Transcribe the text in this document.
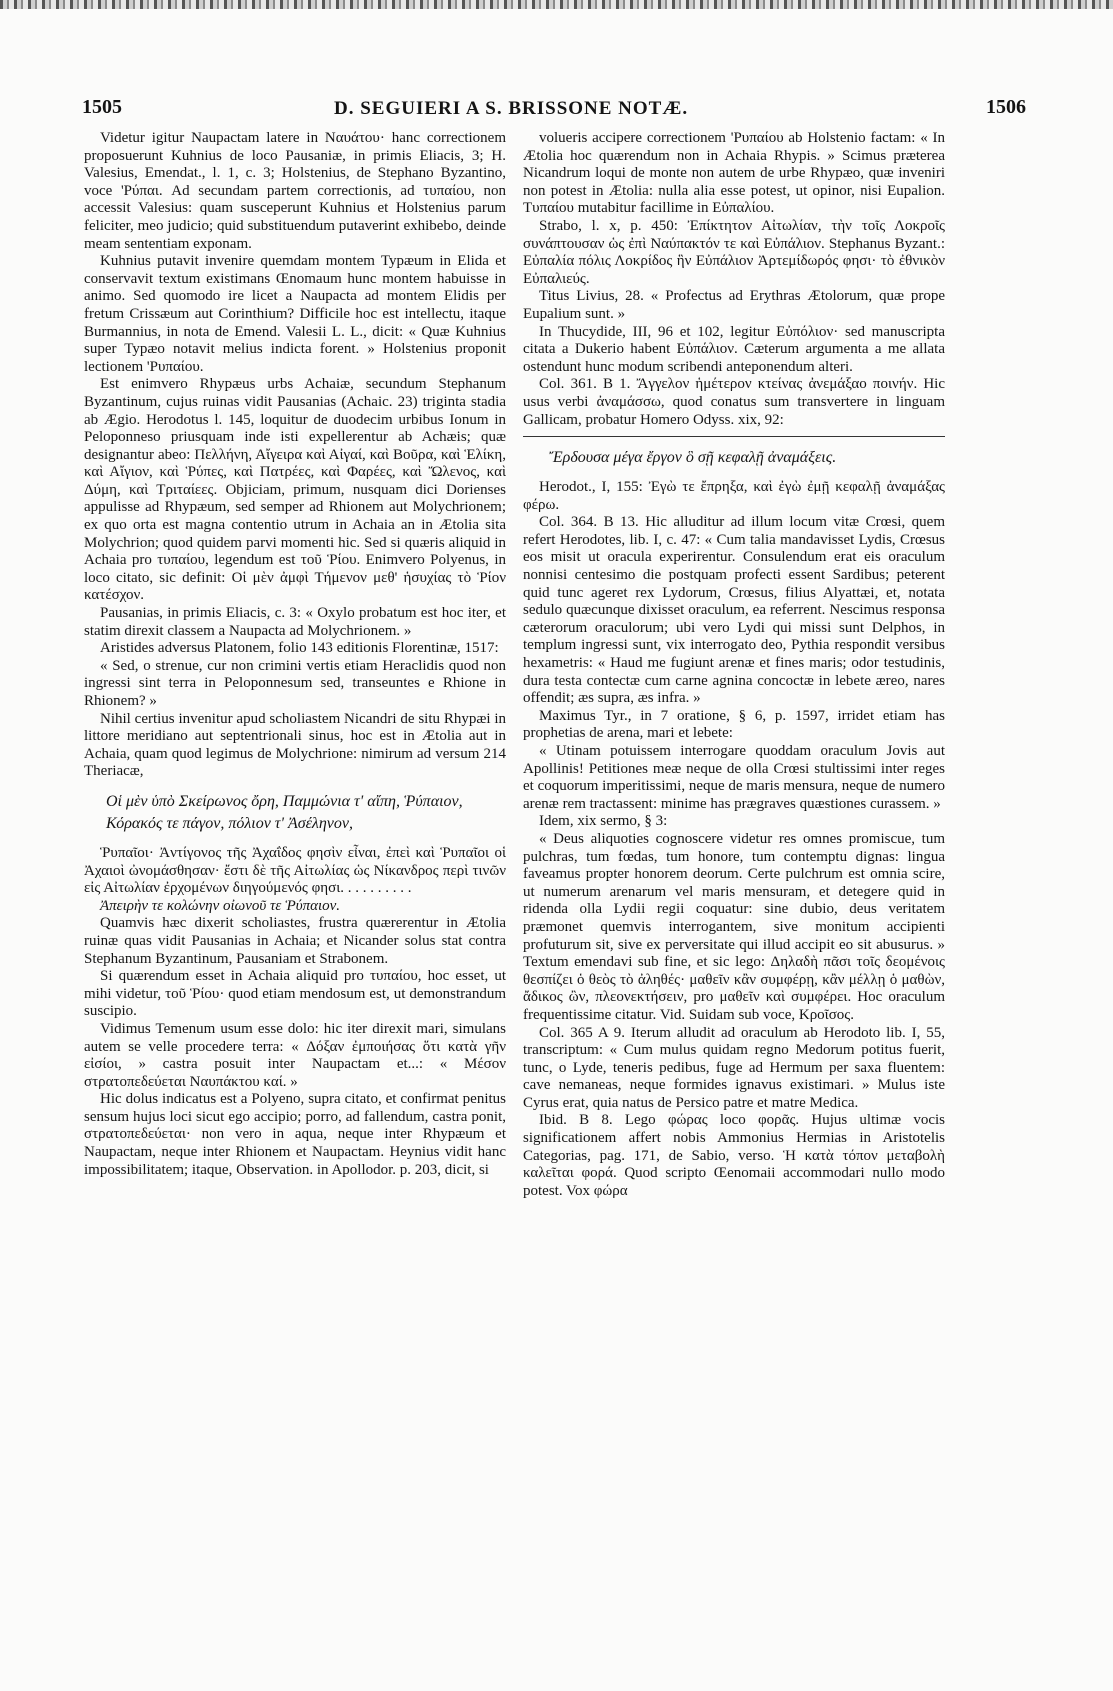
1505	D. SEGUIERI A S. BRISSONE NOTÆ.	1506

Videtur igitur Naupactam latere in Ναυάτου· hanc correctionem proposuerunt Kuhnius de loco Pausaniæ, in primis Eliacis, 3; H. Valesius, Emendat., l. 1, c. 3; Holstenius, de Stephano Byzantino, voce 'Ρύπαι. Ad secundam partem correctionis, ad τυπαίου, non accessit Valesius: quam susceperunt Kuhnius et Holstenius parum feliciter, meo judicio; quid substituendum putaverint exhibebo, deinde meam sententiam exponam.

Kuhnius putavit invenire quemdam montem Typæum in Elida et conservavit textum existimans Œnomaum hunc montem habuisse in animo. Sed quomodo ire licet a Naupacta ad montem Elidis per fretum Crissæum aut Corinthium? Difficile hoc est intellectu, itaque Burmannius, in nota de Emend. Valesii L. L., dicit: « Quæ Kuhnius super Typæo notavit melius indicta forent. » Holstenius proponit lectionem 'Ρυπαίου.

Est enimvero Rhypæus urbs Achaiæ, secundum Stephanum Byzantinum, cujus ruinas vidit Pausanias (Achaic. 23) triginta stadia ab Ægio. Herodotus l. 145, loquitur de duodecim urbibus Ionum in Peloponneso priusquam inde isti expellerentur ab Achæis; quæ designantur abeo: Πελλήνη, Αἴγειρα καὶ Αἰγαί, καὶ Βοῦρα, καὶ Ἑλίκη, καὶ Αἴγιον, καὶ Ῥύπες, καὶ Πατρέες, καὶ Φαρέες, καὶ Ὤλενος, καὶ Δύμη, καὶ Τριταίεες. Objiciam, primum, nusquam dici Dorienses appulisse ad Rhypæum, sed semper ad Rhionem aut Molychrionem; ex quo orta est magna contentio utrum in Achaia an in Ætolia sita Molychrion; quod quidem parvi momenti hic. Sed si quæris aliquid in Achaia pro τυπαίου, legendum est τοῦ Ῥίου. Enimvero Polyenus, in loco citato, sic definit: Οἱ μὲν ἀμφὶ Τήμενον μεθ' ἡσυχίας τὸ Ῥίον κατέσχον.

Pausanias, in primis Eliacis, c. 3: « Oxylo probatum est hoc iter, et statim direxit classem a Naupacta ad Molychrionem. »

Aristides adversus Platonem, folio 143 editionis Florentinæ, 1517:

« Sed, o strenue, cur non crimini vertis etiam Heraclidis quod non ingressi sint terra in Peloponnesum sed, transeuntes e Rhione in Rhionem? »

Nihil certius invenitur apud scholiastem Nicandri de situ Rhypæi in littore meridiano aut septentrionali sinus, hoc est in Ætolia aut in Achaia, quam quod legimus de Molychrione: nimirum ad versum 214 Theriacæ,

Οἱ μὲν ὑπὸ Σκείρωνος ὄρη, Παμμώνια τ' αἴπη, Ῥύπαιον, Κόρακός τε πάγον, πόλιον τ' Ἀσέληνον,

Ῥυπαῖοι· Ἀντίγονος τῆς Ἀχαΐδος φησὶν εἶναι, ἐπεὶ καὶ Ῥυπαῖοι οἱ Ἀχαιοὶ ὠνομάσθησαν· ἔστι δὲ τῆς Αἰτωλίας ὡς Νίκανδρος περὶ τινῶν εἰς Αἰτωλίαν ἐρχομένων διηγούμενός φησι. . . . . . . . . .

Ἀπειρὴν τε κολώνην οἰωνοῦ τε Ῥύπαιον.

Quamvis hæc dixerit scholiastes, frustra quærerentur in Ætolia ruinæ quas vidit Pausanias in Achaia; et Nicander solus stat contra Stephanum Byzantinum, Pausaniam et Strabonem.

Si quærendum esset in Achaia aliquid pro τυπαίου, hoc esset, ut mihi videtur, τοῦ Ῥίου· quod etiam mendosum est, ut demonstrandum suscipio.

Vidimus Temenum usum esse dolo: hic iter direxit mari, simulans autem se velle procedere terra: « Δόξαν ἐμποιήσας ὅτι κατὰ γῆν εἰσίοι, » castra posuit inter Naupactam et...: « Μέσον στρατοπεδεύεται Ναυπάκτου καί. »

Hic dolus indicatus est a Polyeno, supra citato, et confirmat penitus sensum hujus loci sicut ego accipio; porro, ad fallendum, castra ponit, στρατοπεδεύεται· non vero in aqua, neque inter Rhypæum et Naupactam, neque inter Rhionem et Naupactam. Heynius vidit hanc impossibilitatem; itaque, Observation. in Apollodor. p. 203, dicit, si

volueris accipere correctionem 'Ρυπαίου ab Holstenio factam: « In Ætolia hoc quærendum non in Achaia Rhypis. » Scimus præterea Nicandrum loqui de monte non autem de urbe Rhypæo, quæ inveniri non potest in Ætolia: nulla alia esse potest, ut opinor, nisi Eupalion. Τυπαίου mutabitur facillime in Εὐπαλίου.

Strabo, l. x, p. 450: Ἐπίκτητον Αἰτωλίαν, τὴν τοῖς Λοκροῖς συνάπτουσαν ὡς ἐπὶ Ναύπακτόν τε καὶ Εὐπάλιον. Stephanus Byzant.: Εὐπαλία πόλις Λοκρίδος ἣν Εὐπάλιον Ἀρτεμίδωρός φησι· τὸ ἐθνικὸν Εὐπαλιεύς.

Titus Livius, 28. « Profectus ad Erythras Ætolorum, quæ prope Eupalium sunt. »

In Thucydide, III, 96 et 102, legitur Εὐπόλιον· sed manuscripta citata a Dukerio habent Εὐπάλιον. Cæterum argumenta a me allata ostendunt hunc modum scribendi anteponendum alteri.

Col. 361. B 1. Ἄγγελον ἡμέτερον κτείνας ἀνεμάξαο ποινήν. Hic usus verbi ἀναμάσσω, quod conatus sum transvertere in linguam Gallicam, probatur Homero Odyss. xix, 92:

Ἔρδουσα μέγα ἔργον ὃ σῇ κεφαλῇ ἀναμάξεις.

Herodot., I, 155: Ἐγὼ τε ἔπρηξα, καὶ ἐγὼ ἐμῇ κεφαλῇ ἀναμάξας φέρω.

Col. 364. B 13. Hic alluditur ad illum locum vitæ Crœsi, quem refert Herodotes, lib. I, c. 47: « Cum talia mandavisset Lydis, Crœsus eos misit ut oracula experirentur. Consulendum erat eis oraculum nonnisi centesimo die postquam profecti essent Sardibus; peterent quid tunc ageret rex Lydorum, Crœsus, filius Alyattæi, et, notata sedulo quæcunque dixisset oraculum, ea referrent. Nescimus responsa cæterorum oraculorum; ubi vero Lydi qui missi sunt Delphos, in templum ingressi sunt, vix interrogato deo, Pythia respondit versibus hexametris: « Haud me fugiunt arenæ et fines maris; odor testudinis, dura testa contectæ cum carne agnina concoctæ in lebete æreo, nares offendit; æs supra, æs infra. »

Maximus Tyr., in 7 oratione, § 6, p. 1597, irridet etiam has prophetias de arena, mari et lebete:

« Utinam potuissem interrogare quoddam oraculum Jovis aut Apollinis! Petitiones meæ neque de olla Crœsi stultissimi inter reges et coquorum imperitissimi, neque de maris mensura, neque de numero arenæ rem tractassent: minime has prægraves quæstiones curassem. »

Idem, xix sermo, § 3:

« Deus aliquoties cognoscere videtur res omnes promiscue, tum pulchras, tum fœdas, tum honore, tum contemptu dignas: lingua faveamus propter honorem deorum. Certe pulchrum est omnia scire, ut numerum arenarum vel maris mensuram, et detegere quid in ridenda olla Lydii regii coquatur: sine dubio, deus veritatem præmonet quemvis interrogantem, sive monitum accipienti profuturum sit, sive ex perversitate qui illud accipit eo sit abusurus. » Textum emendavi sub fine, et sic lego: Δηλαδὴ πᾶσι τοῖς δεομένοις θεσπίζει ὁ θεὸς τὸ ἀληθές· μαθεῖν κἂν συμφέρῃ, κἂν μέλλῃ ὁ μαθὼν, ἄδικος ὢν, πλεονεκτήσειν, pro μαθεῖν καὶ συμφέρει. Hoc oraculum frequentissime citatur. Vid. Suidam sub voce, Κροῖσος.

Col. 365 A 9. Iterum alludit ad oraculum ab Herodoto lib. I, 55, transcriptum: « Cum mulus quidam regno Medorum potitus fuerit, tunc, o Lyde, teneris pedibus, fuge ad Hermum per saxa fluentem: cave nemaneas, neque formides ignavus existimari. » Mulus iste Cyrus erat, quia natus de Persico patre et matre Medica.

Ibid. B 8. Lego φώρας loco φορᾶς. Hujus ultimæ vocis significationem affert nobis Ammonius Hermias in Aristotelis Categorias, pag. 171, de Sabio, verso. Ἡ κατὰ τόπον μεταβολὴ καλεῖται φορά. Quod scripto Œenomaii accommodari nullo modo potest. Vox φώρα
